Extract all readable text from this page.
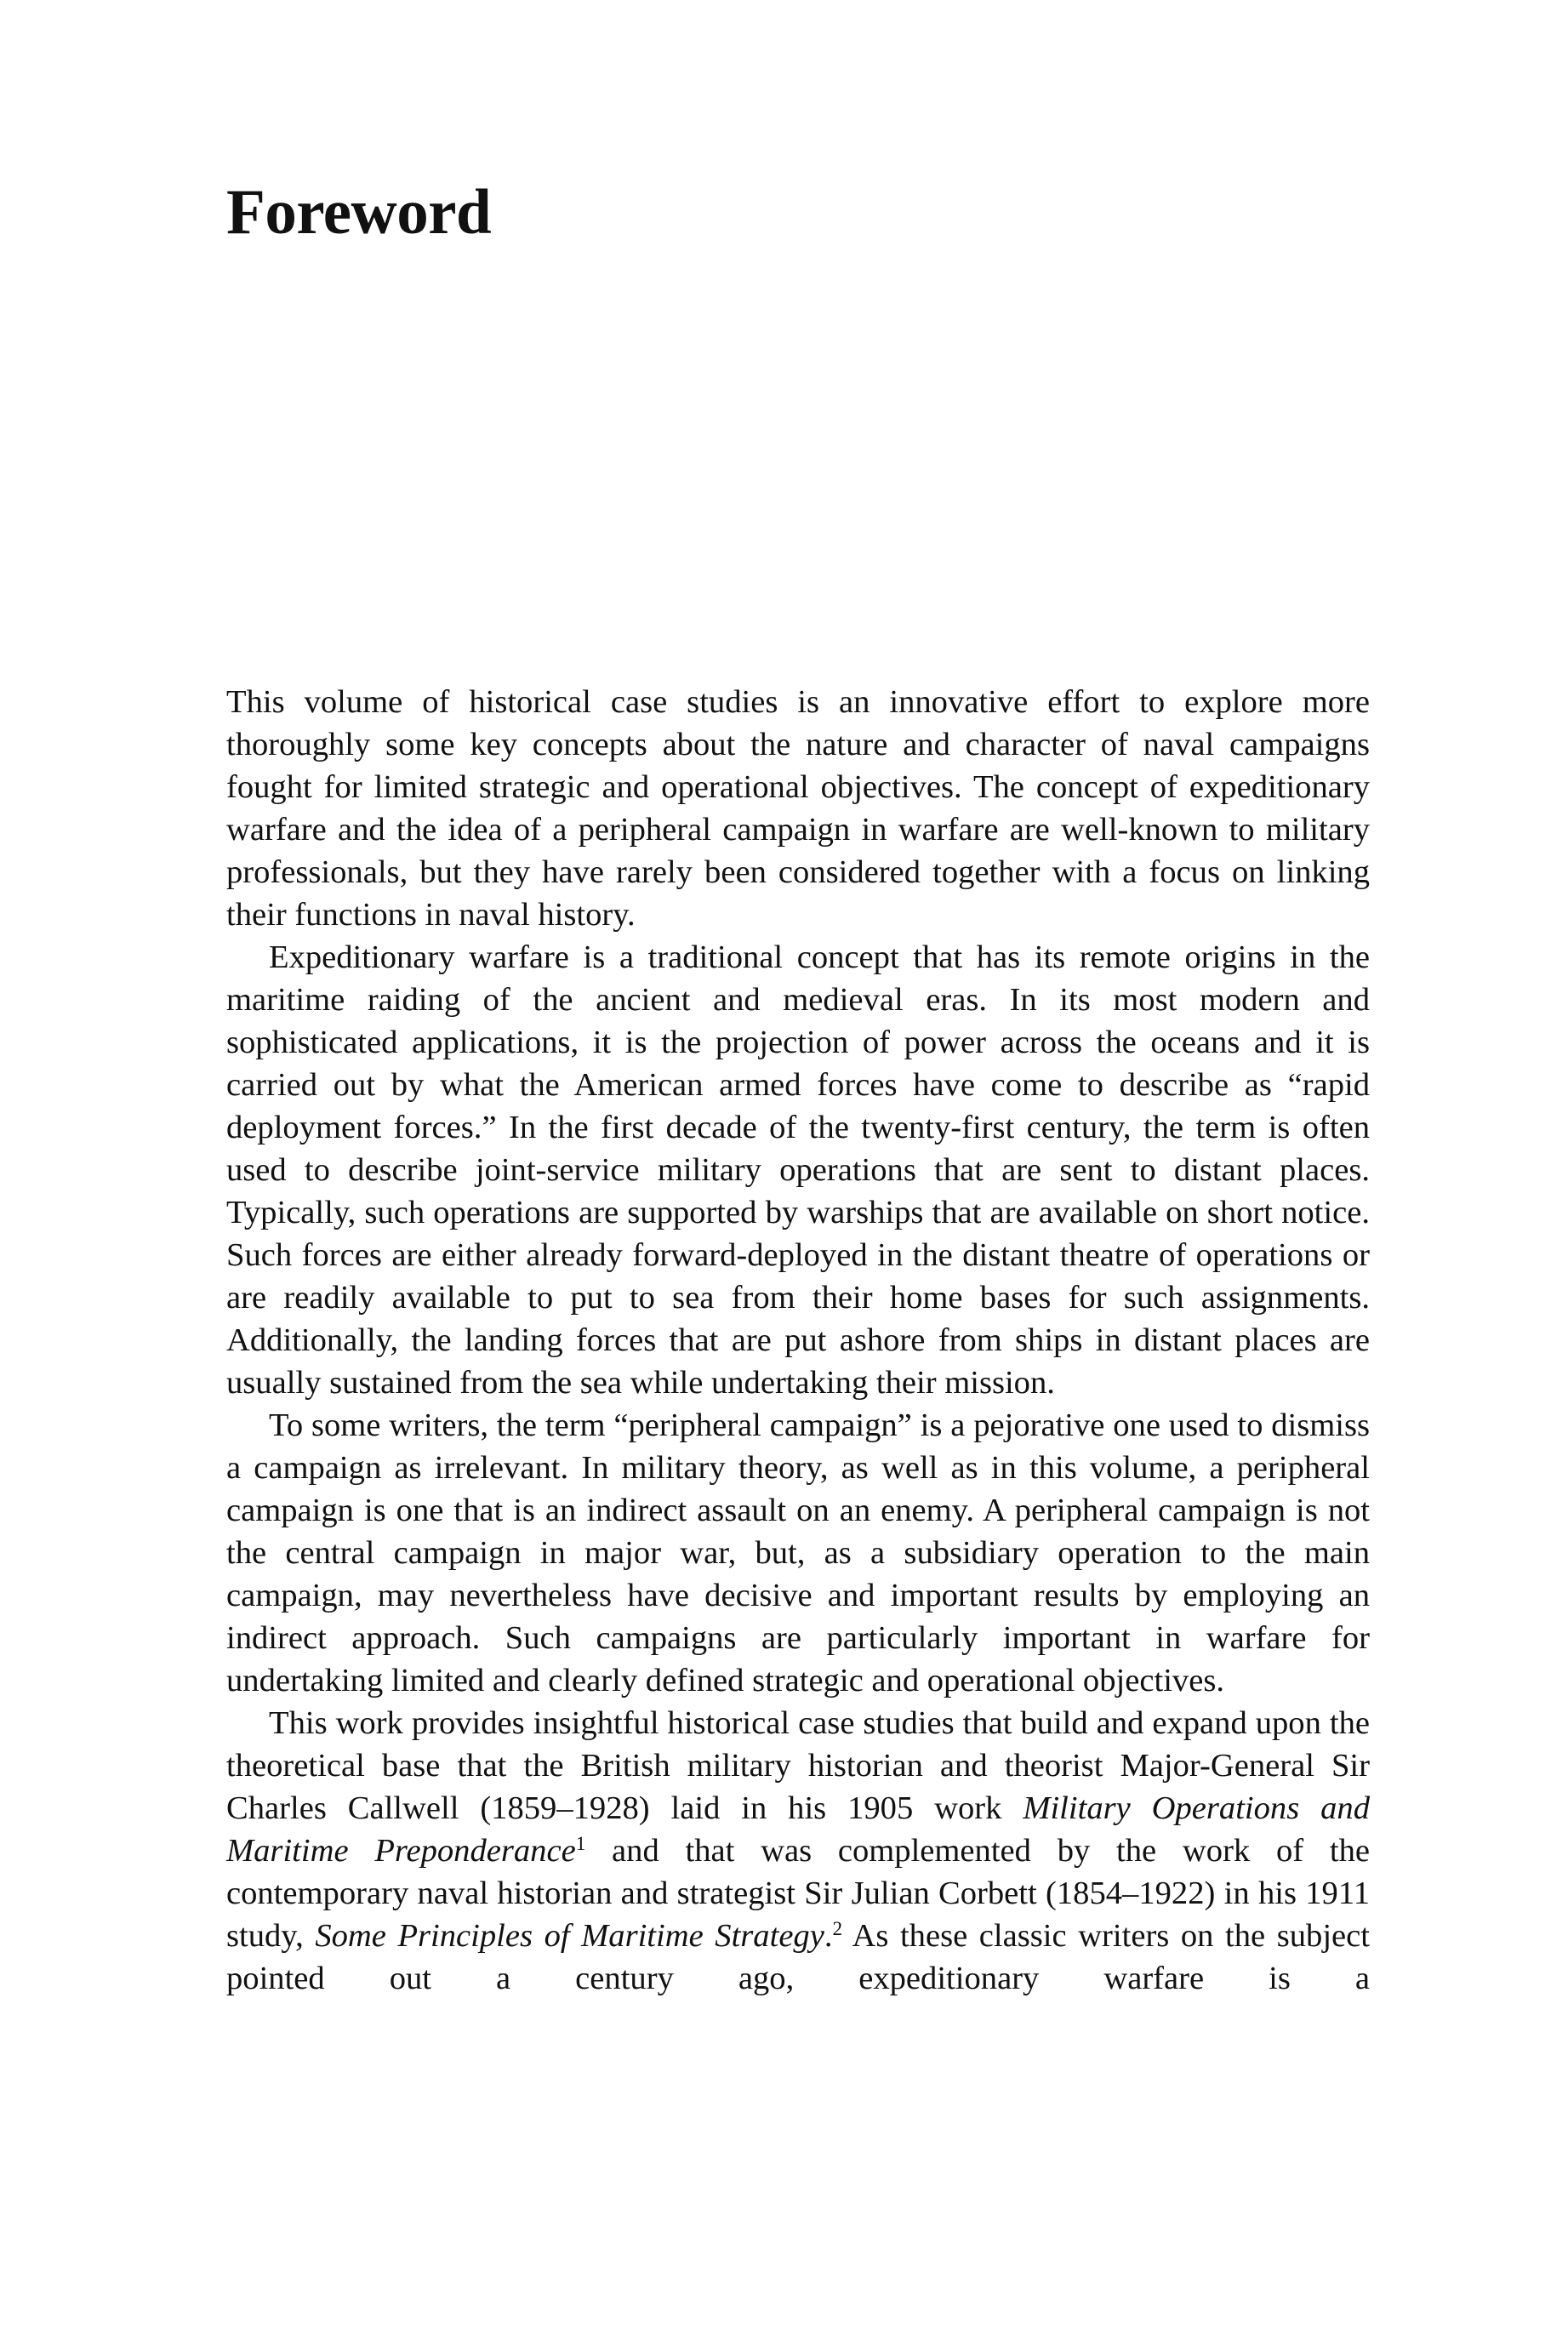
Foreword

This volume of historical case studies is an innovative effort to explore more thoroughly some key concepts about the nature and character of naval campaigns fought for limited strategic and operational objectives. The concept of expeditionary warfare and the idea of a peripheral campaign in warfare are well-known to military professionals, but they have rarely been considered together with a focus on linking their functions in naval history.

Expeditionary warfare is a traditional concept that has its remote origins in the maritime raiding of the ancient and medieval eras. In its most modern and sophisticated applications, it is the projection of power across the oceans and it is carried out by what the American armed forces have come to describe as “rapid deployment forces.” In the first decade of the twenty-first century, the term is often used to describe joint-service military operations that are sent to distant places. Typically, such operations are supported by warships that are available on short notice. Such forces are either already forward-deployed in the distant theatre of operations or are readily available to put to sea from their home bases for such assignments. Additionally, the landing forces that are put ashore from ships in distant places are usually sustained from the sea while undertaking their mission.

To some writers, the term “peripheral campaign” is a pejorative one used to dismiss a campaign as irrelevant. In military theory, as well as in this volume, a peripheral campaign is one that is an indirect assault on an enemy. A peripheral campaign is not the central campaign in major war, but, as a subsidiary operation to the main campaign, may nevertheless have decisive and important results by employing an indirect approach. Such campaigns are particularly important in warfare for undertaking limited and clearly defined strategic and operational objectives.

This work provides insightful historical case studies that build and expand upon the theoretical base that the British military historian and theorist Major-General Sir Charles Callwell (1859–1928) laid in his 1905 work Military Operations and Maritime Preponderance$^1$ and that was complemented by the work of the contemporary naval historian and strategist Sir Julian Corbett (1854–1922) in his 1911 study, Some Principles of Maritime Strategy.$^2$ As these classic writers on the subject pointed out a century ago, expeditionary warfare is a
